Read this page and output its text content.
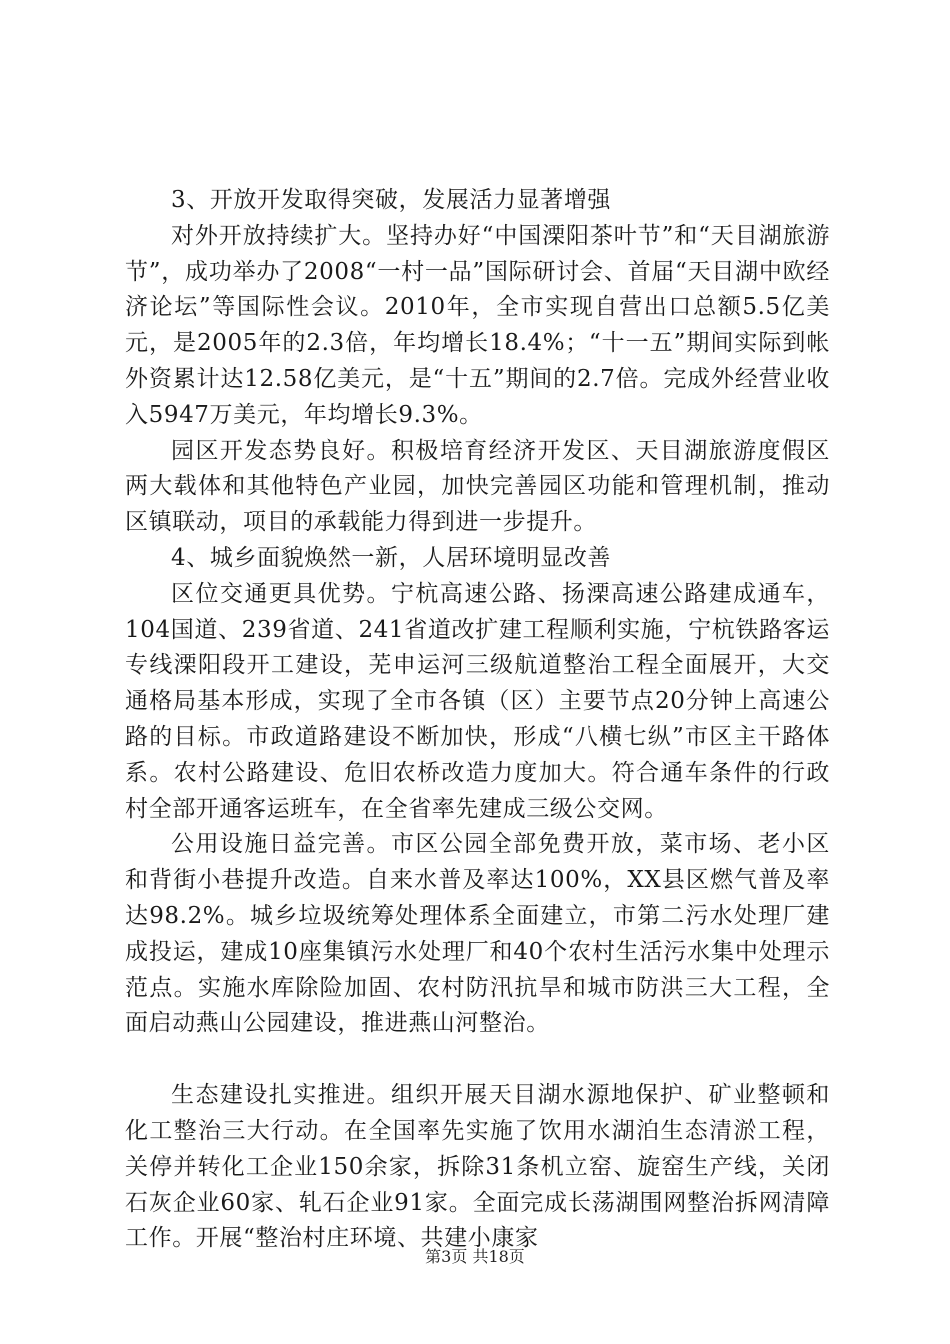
3、开放开发取得突破，发展活力显著增强

对外开放持续扩大。坚持办好“中国溧阳茶叶节”和“天目湖旅游节”，成功举办了2008“一村一品”国际研讨会、首届“天目湖中欧经济论坛”等国际性会议。2010年，全市实现自营出口总额5.5亿美元，是2005年的2.3倍，年均增长18.4%；“十一五”期间实际到帐外资累计达12.58亿美元，是“十五”期间的2.7倍。完成外经营业收入5947万美元，年均增长9.3%。

园区开发态势良好。积极培育经济开发区、天目湖旅游度假区两大载体和其他特色产业园，加快完善园区功能和管理机制，推动区镇联动，项目的承载能力得到进一步提升。

4、城乡面貌焕然一新，人居环境明显改善

区位交通更具优势。宁杭高速公路、扬溧高速公路建成通车，104国道、239省道、241省道改扩建工程顺利实施，宁杭铁路客运专线溧阳段开工建设，芜申运河三级航道整治工程全面展开，大交通格局基本形成，实现了全市各镇（区）主要节点20分钟上高速公路的目标。市政道路建设不断加快，形成“八横七纵”市区主干路体系。农村公路建设、危旧农桥改造力度加大。符合通车条件的行政村全部开通客运班车，在全省率先建成三级公交网。

公用设施日益完善。市区公园全部免费开放，菜市场、老小区和背街小巷提升改造。自来水普及率达100%，XX县区燃气普及率达98.2%。城乡垃圾统筹处理体系全面建立，市第二污水处理厂建成投运，建成10座集镇污水处理厂和40个农村生活污水集中处理示范点。实施水库除险加固、农村防汛抗旱和城市防洪三大工程，全面启动燕山公园建设，推进燕山河整治。

生态建设扎实推进。组织开展天目湖水源地保护、矿业整顿和化工整治三大行动。在全国率先实施了饮用水湖泊生态清淤工程，关停并转化工企业150余家，拆除31条机立窑、旋窑生产线，关闭石灰企业60家、轧石企业91家。全面完成长荡湖围网整治拆网清障工作。开展“整治村庄环境、共建小康家

第3页 共18页
